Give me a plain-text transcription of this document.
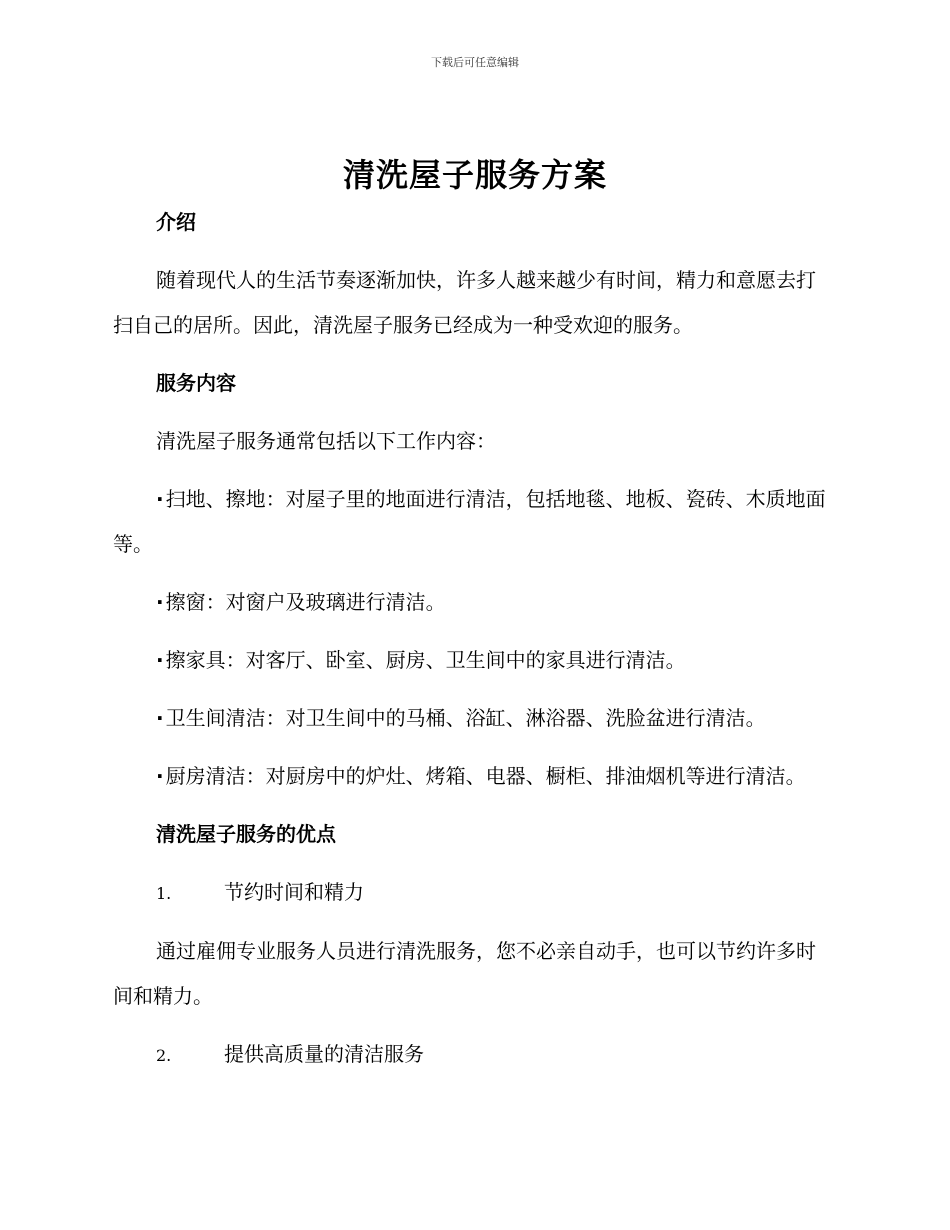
下载后可任意编辑
清洗屋子服务方案

介绍

随着现代人的生活节奏逐渐加快，许多人越来越少有时间，精力和意愿去打扫自己的居所。因此，清洗屋子服务已经成为一种受欢迎的服务。

服务内容

清洗屋子服务通常包括以下工作内容：

· 扫地、擦地：对屋子里的地面进行清洁，包括地毯、地板、瓷砖、木质地面等。

· 擦窗：对窗户及玻璃进行清洁。

· 擦家具：对客厅、卧室、厨房、卫生间中的家具进行清洁。

· 卫生间清洁：对卫生间中的马桶、浴缸、淋浴器、洗脸盆进行清洁。

· 厨房清洁：对厨房中的炉灶、烤箱、电器、橱柜、排油烟机等进行清洁。

清洗屋子服务的优点

1.	节约时间和精力

通过雇佣专业服务人员进行清洗服务，您不必亲自动手，也可以节约许多时间和精力。

2.	提供高质量的清洁服务
